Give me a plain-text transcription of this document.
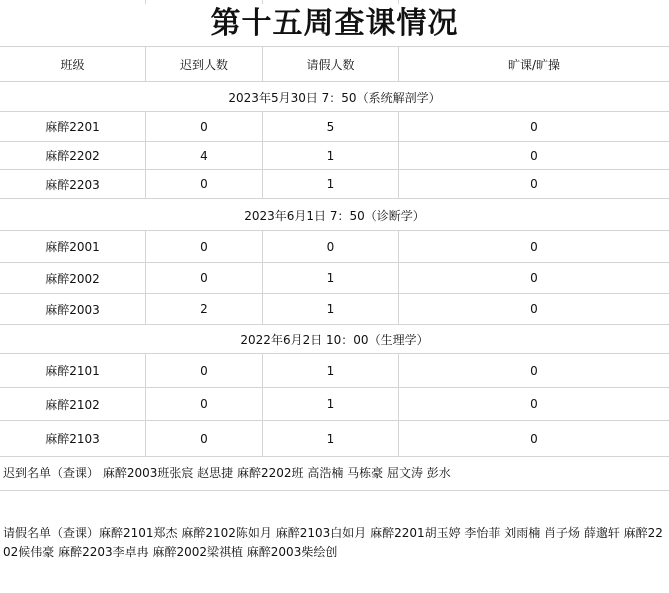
第十五周查课情况
班级	迟到人数	请假人数	旷课/旷操
2023年5月30日 7：50（系统解剖学）
麻醉2201	0	5	0
麻醉2202	4	1	0
麻醉2203	0	1	0
2023年6月1日 7：50（诊断学）
麻醉2001	0	0	0
麻醉2002	0	1	0
麻醉2003	2	1	0
2022年6月2日 10：00（生理学）
麻醉2101	0	1	0
麻醉2102	0	1	0
麻醉2103	0	1	0
迟到名单（查课） 麻醉2003班张宸 赵思捷 麻醉2202班 高浩楠 马栋豪 屈文涛 彭水
请假名单（查课）麻醉2101郑杰 麻醉2102陈如月 麻醉2103白如月 麻醉2201胡玉婷 李怡菲 刘雨楠 肖子炀 薛邈轩 麻醉2202候伟豪 麻醉2203李卓冉 麻醉2002梁祺植 麻醉2003柴绘创
